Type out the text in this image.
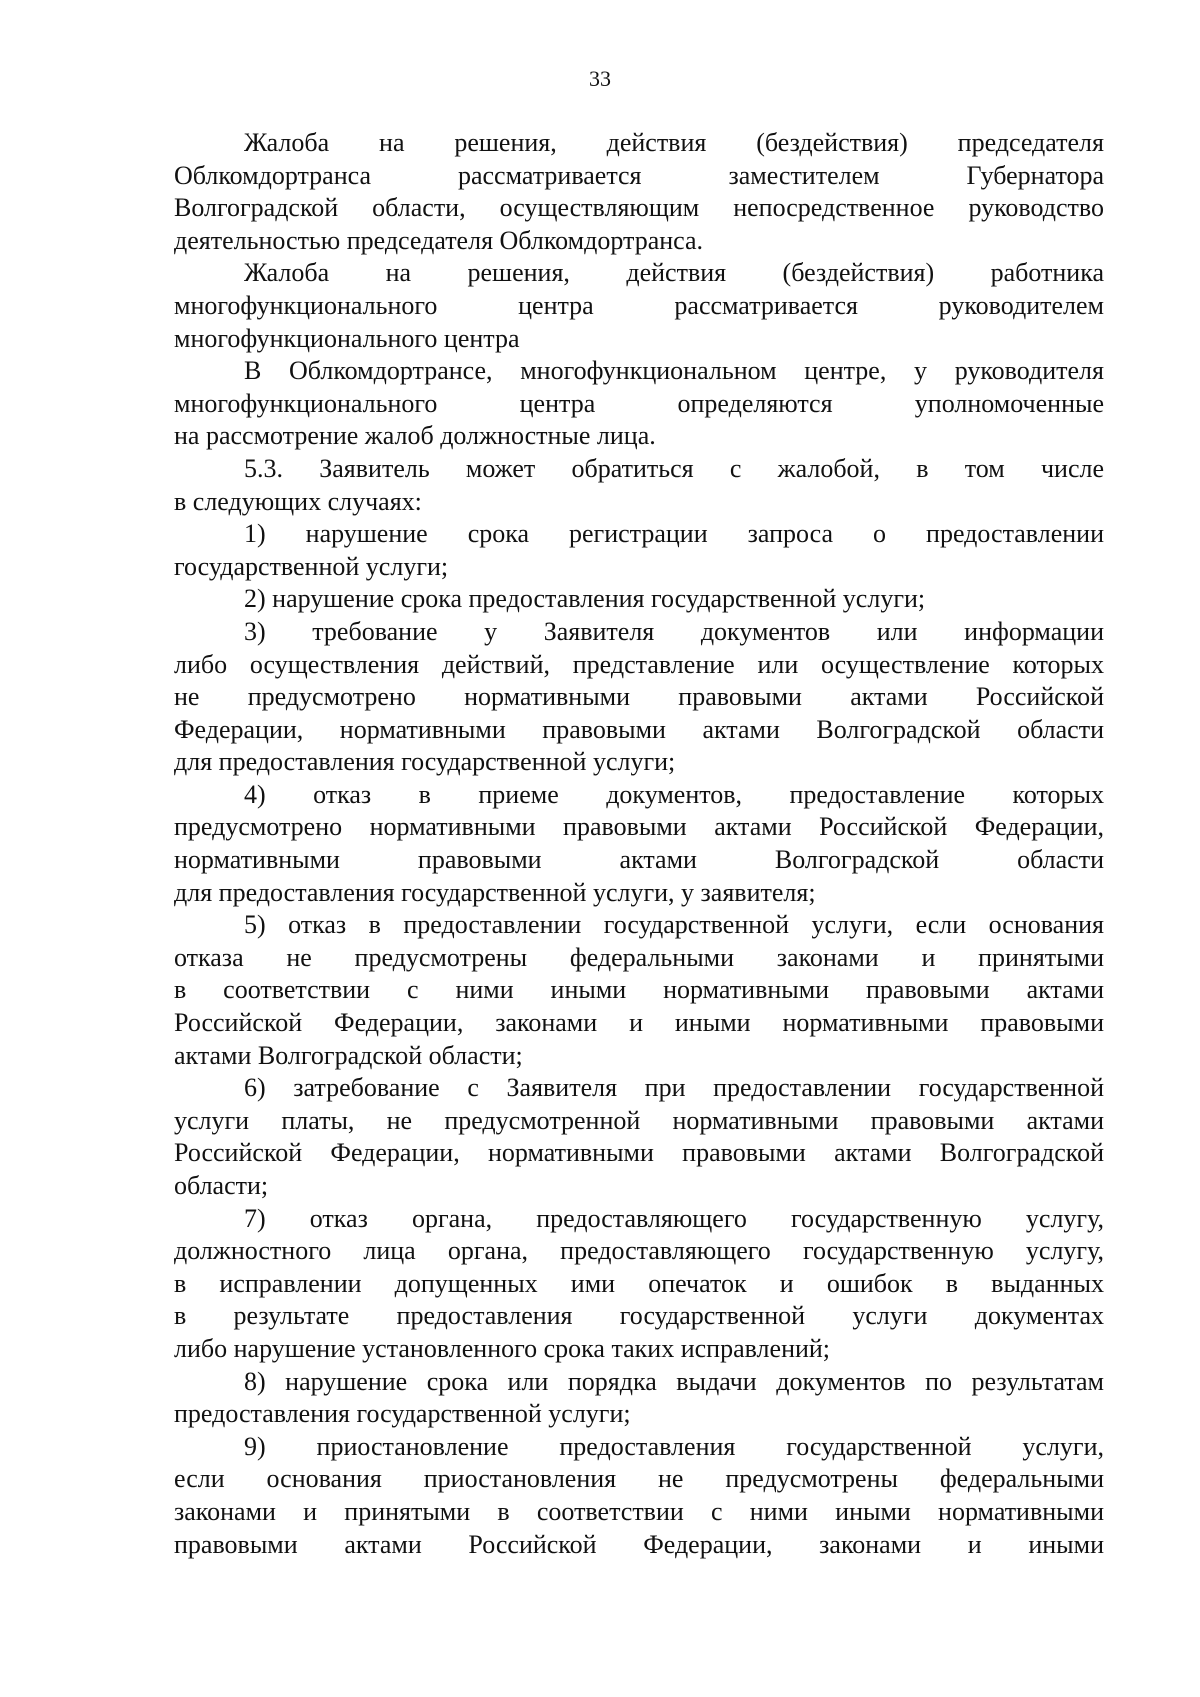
33
Жалоба на решения, действия (бездействия) председателя
Облкомдортранса рассматривается заместителем Губернатора
Волгоградской области, осуществляющим непосредственное руководство
деятельностью председателя Облкомдортранса.
Жалоба на решения, действия (бездействия) работника
многофункционального центра рассматривается руководителем
многофункционального центра
В Облкомдортрансе, многофункциональном центре, у руководителя
многофункционального центра определяются уполномоченные
на рассмотрение жалоб должностные лица.
5.3. Заявитель может обратиться с жалобой, в том числе
в следующих случаях:
1) нарушение срока регистрации запроса о предоставлении
государственной услуги;
2) нарушение срока предоставления государственной услуги;
3) требование у Заявителя документов или информации
либо осуществления действий, представление или осуществление которых
не предусмотрено нормативными правовыми актами Российской
Федерации, нормативными правовыми актами Волгоградской области
для предоставления государственной услуги;
4) отказ в приеме документов, предоставление которых
предусмотрено нормативными правовыми актами Российской Федерации,
нормативными правовыми актами Волгоградской области
для предоставления государственной услуги, у заявителя;
5) отказ в предоставлении государственной услуги, если основания
отказа не предусмотрены федеральными законами и принятыми
в соответствии с ними иными нормативными правовыми актами
Российской Федерации, законами и иными нормативными правовыми
актами Волгоградской области;
6) затребование с Заявителя при предоставлении государственной
услуги платы, не предусмотренной нормативными правовыми актами
Российской Федерации, нормативными правовыми актами Волгоградской
области;
7) отказ органа, предоставляющего государственную услугу,
должностного лица органа, предоставляющего государственную услугу,
в исправлении допущенных ими опечаток и ошибок в выданных
в результате предоставления государственной услуги документах
либо нарушение установленного срока таких исправлений;
8) нарушение срока или порядка выдачи документов по результатам
предоставления государственной услуги;
9) приостановление предоставления государственной услуги,
если основания приостановления не предусмотрены федеральными
законами и принятыми в соответствии с ними иными нормативными
правовыми актами Российской Федерации, законами и иными
